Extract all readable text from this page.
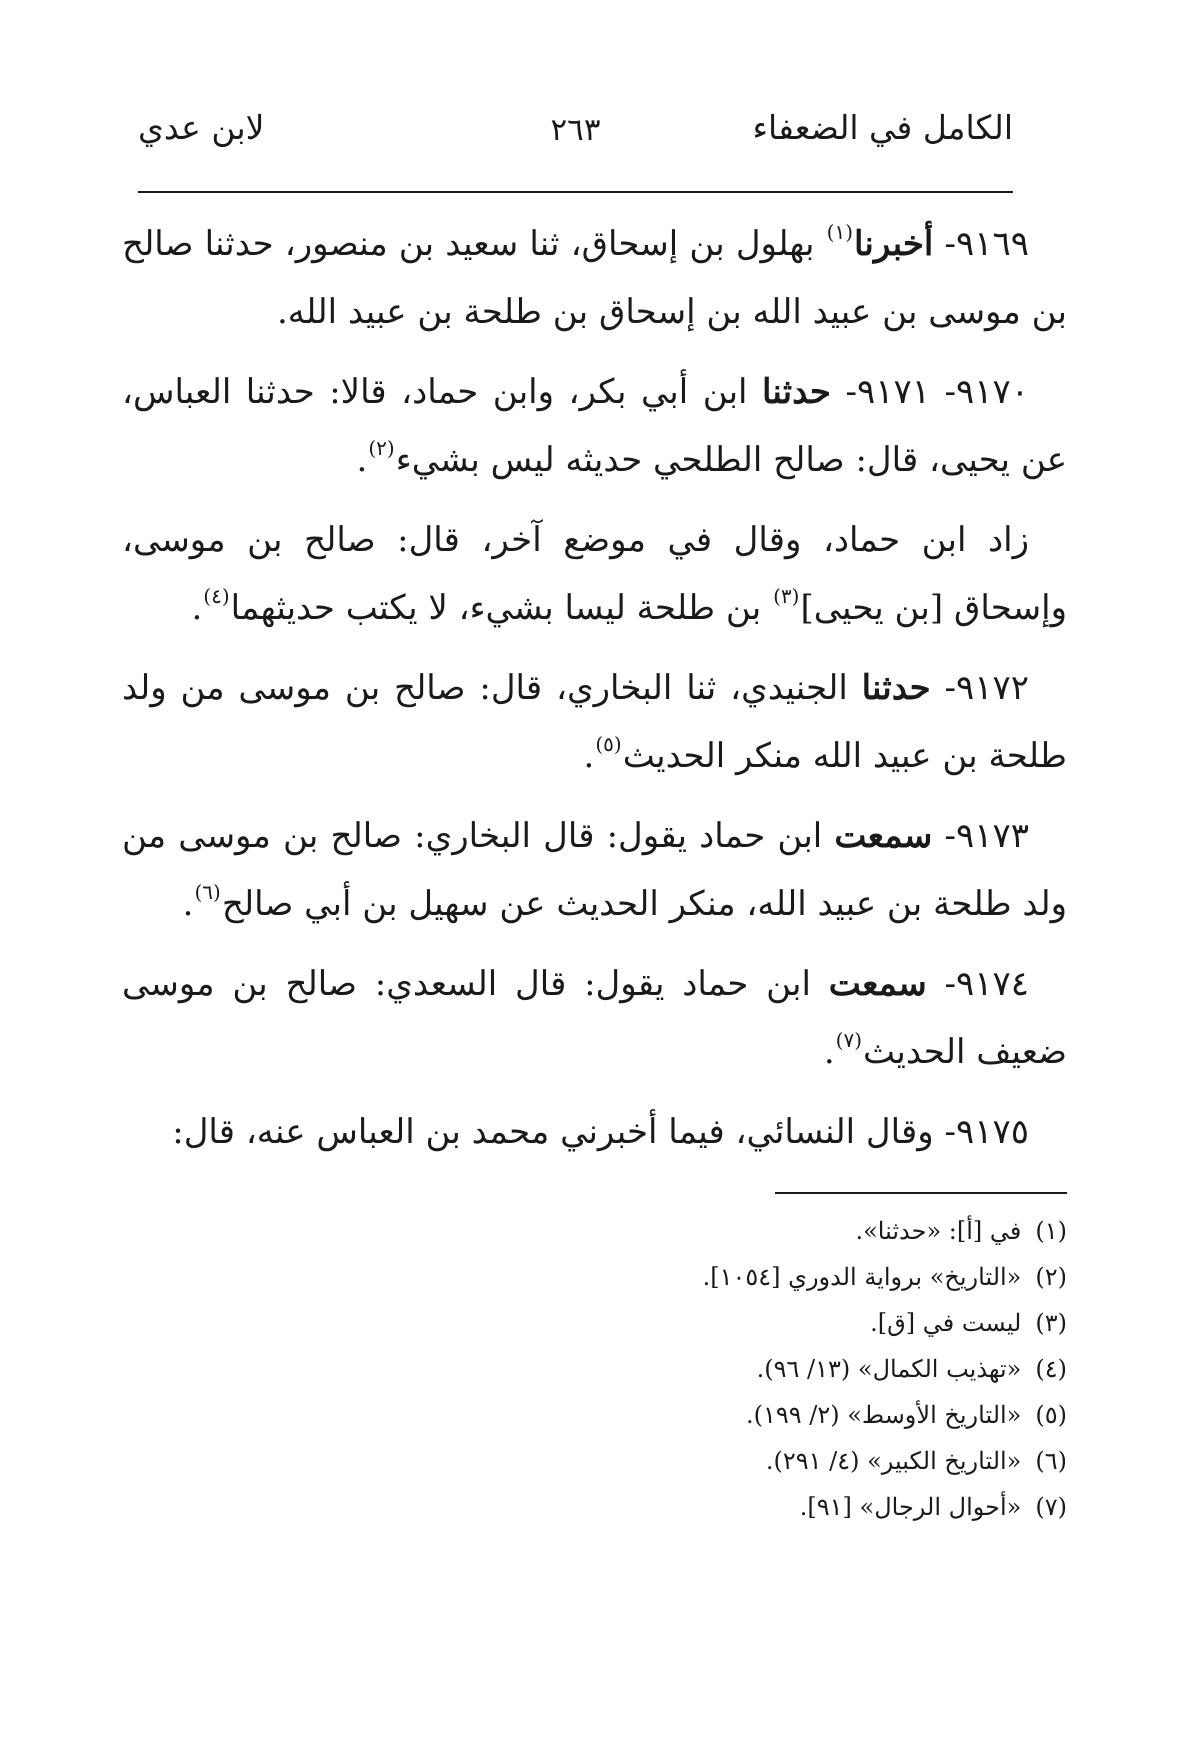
الكامل في الضعفاء
٢٦٣
لابن عدي

٩١٦٩- أخبرنا$^{(١)}$ بهلول بن إسحاق، ثنا سعيد بن منصور، حدثنا صالح بن موسى بن عبيد الله بن إسحاق بن طلحة بن عبيد الله.

٩١٧٠- ٩١٧١- حدثنا ابن أبي بكر، وابن حماد، قالا: حدثنا العباس، عن يحيى، قال: صالح الطلحي حديثه ليس بشيء$^{(٢)}$.

زاد ابن حماد، وقال في موضع آخر، قال: صالح بن موسى، وإسحاق [بن يحيى]$^{(٣)}$ بن طلحة ليسا بشيء، لا يكتب حديثهما$^{(٤)}$.

٩١٧٢- حدثنا الجنيدي، ثنا البخاري، قال: صالح بن موسى من ولد طلحة بن عبيد الله منكر الحديث$^{(٥)}$.

٩١٧٣- سمعت ابن حماد يقول: قال البخاري: صالح بن موسى من ولد طلحة بن عبيد الله، منكر الحديث عن سهيل بن أبي صالح$^{(٦)}$.

٩١٧٤- سمعت ابن حماد يقول: قال السعدي: صالح بن موسى ضعيف الحديث$^{(٧)}$.

٩١٧٥- وقال النسائي، فيما أخبرني محمد بن العباس عنه، قال:

(١)في [أ]: «حدثنا».
(٢)«التاريخ» برواية الدوري [١٠٥٤].
(٣)ليست في [ق].
(٤)«تهذيب الكمال» (١٣/ ٩٦).
(٥)«التاريخ الأوسط» (٢/ ١٩٩).
(٦)«التاريخ الكبير» (٤/ ٢٩١).
(٧)«أحوال الرجال» [٩١].
